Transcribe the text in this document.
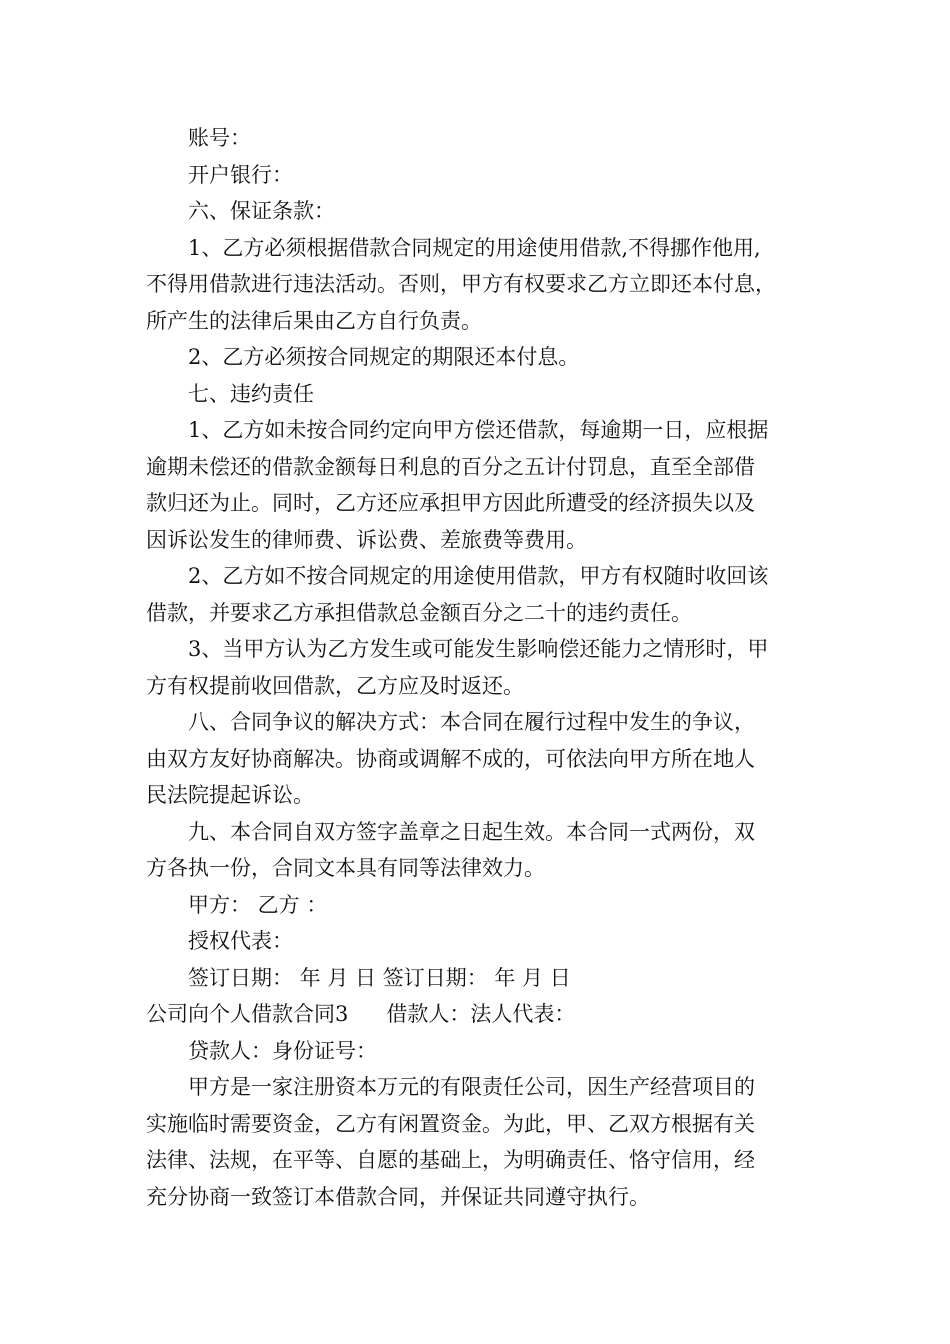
账号：

开户银行：

六、保证条款：

1、乙方必须根据借款合同规定的用途使用借款,不得挪作他用,

不得用借款进行违法活动。否则，甲方有权要求乙方立即还本付息，

所产生的法律后果由乙方自行负责。

2、乙方必须按合同规定的期限还本付息。

七、违约责任

1、乙方如未按合同约定向甲方偿还借款，每逾期一日，应根据

逾期未偿还的借款金额每日利息的百分之五计付罚息，直至全部借

款归还为止。同时，乙方还应承担甲方因此所遭受的经济损失以及

因诉讼发生的律师费、诉讼费、差旅费等费用。

2、乙方如不按合同规定的用途使用借款，甲方有权随时收回该

借款，并要求乙方承担借款总金额百分之二十的违约责任。

3、当甲方认为乙方发生或可能发生影响偿还能力之情形时，甲

方有权提前收回借款，乙方应及时返还。

八、合同争议的解决方式：本合同在履行过程中发生的争议，

由双方友好协商解决。协商或调解不成的，可依法向甲方所在地人

民法院提起诉讼。

九、本合同自双方签字盖章之日起生效。本合同一式两份，双

方各执一份，合同文本具有同等法律效力。

甲方： 乙方 ：

授权代表：

签订日期： 年 月 日 签订日期： 年 月 日

公司向个人借款合同3 借款人：法人代表：

贷款人：身份证号：

甲方是一家注册资本万元的有限责任公司，因生产经营项目的

实施临时需要资金，乙方有闲置资金。为此，甲、乙双方根据有关

法律、法规，在平等、自愿的基础上，为明确责任、恪守信用，经

充分协商一致签订本借款合同，并保证共同遵守执行。
